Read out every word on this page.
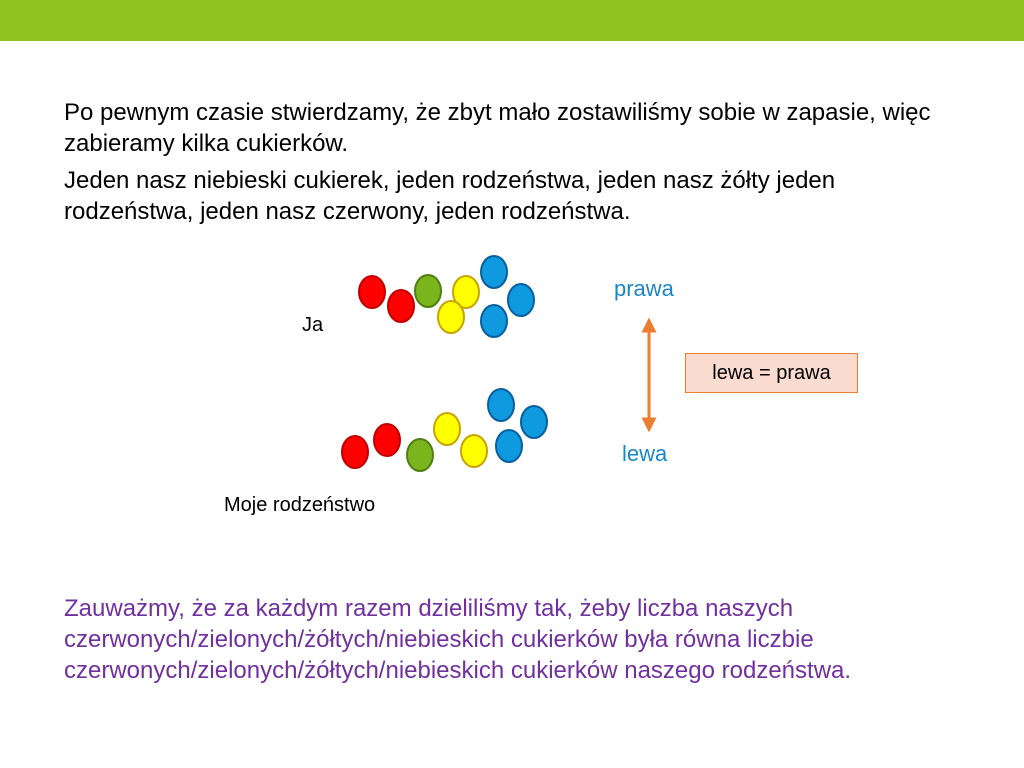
Po pewnym czasie stwierdzamy, że zbyt mało zostawiliśmy sobie w zapasie, więc zabieramy kilka cukierków.

Jeden nasz niebieski cukierek, jeden rodzeństwa, jeden nasz żółty jeden rodzeństwa, jeden nasz czerwony, jeden rodzeństwa.

Ja
Moje rodzeństwo
prawa
lewa
lewa = prawa

Zauważmy, że za każdym razem dzieliliśmy tak, żeby liczba naszych czerwonych/zielonych/żółtych/niebieskich cukierków była równa liczbie czerwonych/zielonych/żółtych/niebieskich cukierków naszego rodzeństwa.
